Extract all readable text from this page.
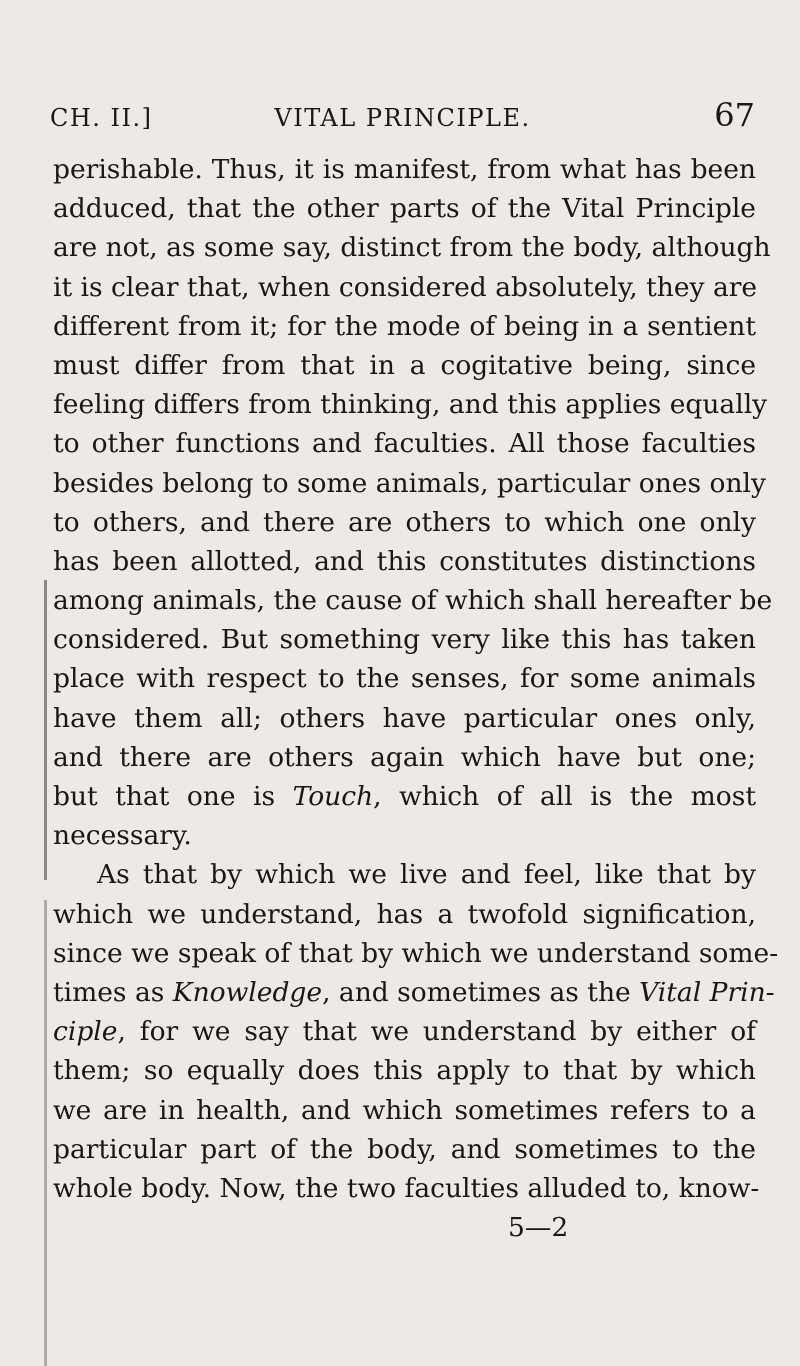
CH. II.]	VITAL PRINCIPLE.	67
perishable. Thus, it is manifest, from what has been
adduced, that the other parts of the Vital Principle
are not, as some say, distinct from the body, although
it is clear that, when considered absolutely, they are
different from it; for the mode of being in a sentient
must differ from that in a cogitative being, since
feeling differs from thinking, and this applies equally
to other functions and faculties. All those faculties
besides belong to some animals, particular ones only
to others, and there are others to which one only
has been allotted, and this constitutes distinctions
among animals, the cause of which shall hereafter be
considered. But something very like this has taken
place with respect to the senses, for some animals
have them all; others have particular ones only,
and there are others again which have but one;
but that one is Touch, which of all is the most
necessary.
As that by which we live and feel, like that by
which we understand, has a twofold signification,
since we speak of that by which we understand some-
times as Knowledge, and sometimes as the Vital Prin-
ciple, for we say that we understand by either of
them; so equally does this apply to that by which
we are in health, and which sometimes refers to a
particular part of the body, and sometimes to the
whole body. Now, the two faculties alluded to, know-
5—2
